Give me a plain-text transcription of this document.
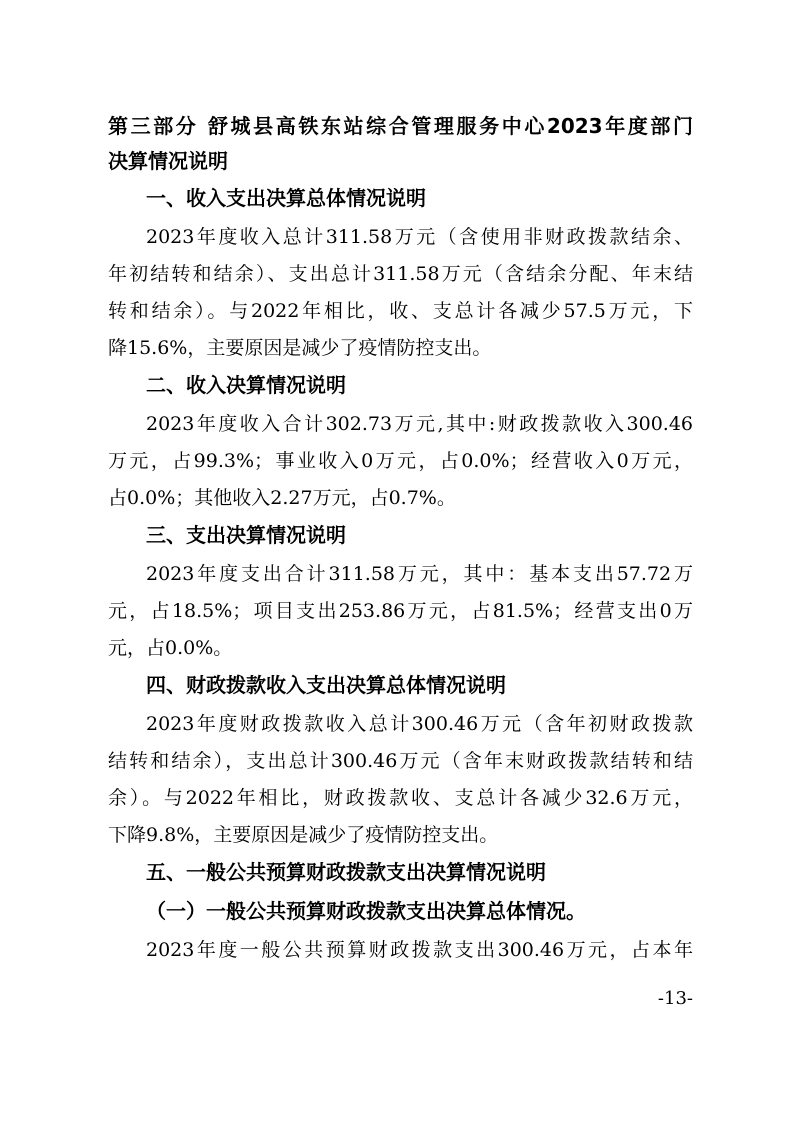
第三部分 舒城县高铁东站综合管理服务中心2023年度部门

决算情况说明

一、收入支出决算总体情况说明

2023年度收入总计311.58万元（含使用非财政拨款结余、

年初结转和结余）、支出总计311.58万元（含结余分配、年末结

转和结余）。与2022年相比，收、支总计各减少57.5万元，下

降15.6%，主要原因是减少了疫情防控支出。

二、收入决算情况说明

2023年度收入合计302.73万元,其中:财政拨款收入300.46

万元，占99.3%；事业收入0万元，占0.0%；经营收入0万元，

占0.0%；其他收入2.27万元，占0.7%。

三、支出决算情况说明

2023年度支出合计311.58万元，其中：基本支出57.72万

元，占18.5%；项目支出253.86万元，占81.5%；经营支出0万

元，占0.0%。

四、财政拨款收入支出决算总体情况说明

2023年度财政拨款收入总计300.46万元（含年初财政拨款

结转和结余），支出总计300.46万元（含年末财政拨款结转和结

余）。与2022年相比，财政拨款收、支总计各减少32.6万元，

下降9.8%，主要原因是减少了疫情防控支出。

五、一般公共预算财政拨款支出决算情况说明

（一）一般公共预算财政拨款支出决算总体情况。

2023年度一般公共预算财政拨款支出300.46万元，占本年

-13-
